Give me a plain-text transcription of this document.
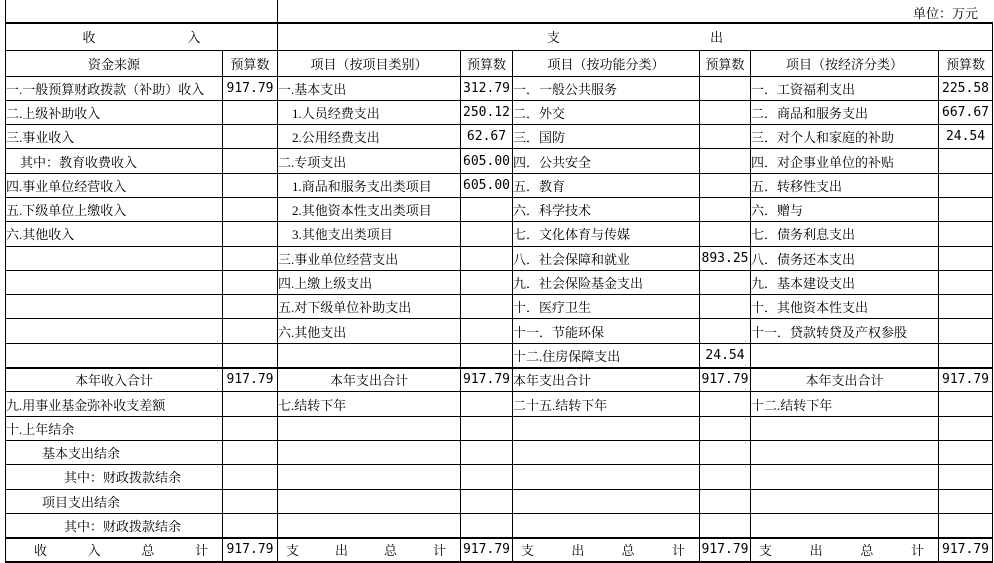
单位：万元
收 入		支 出					

资金来源	预算数	项目（按项目类别）	预算数	项目（按功能分类）	预算数	项目（按经济分类）	预算数
一.一般预算财政拨款（补助）收入	917.79	一.基本支出	312.79	一．一般公共服务		一．工资福利支出	225.58
二.上级补助收入		1.人员经费支出	250.12	二．外交		二．商品和服务支出	667.67
三.事业收入		2.公用经费支出	62.67	三．国防		三．对个人和家庭的补助	24.54
其中：教育收费收入		二.专项支出	605.00	四．公共安全		四．对企事业单位的补贴	
四.事业单位经营收入		1.商品和服务支出类项目	605.00	五．教育		五．转移性支出	
五.下级单位上缴收入		2.其他资本性支出类项目		六．科学技术		六．赠与	
六.其他收入		3.其他支出类项目		七．文化体育与传媒		七．债务利息支出	
		三.事业单位经营支出		八．社会保障和就业	893.25	八．债务还本支出	
		四.上缴上级支出		九．社会保险基金支出		九．基本建设支出	
		五.对下级单位补助支出		十．医疗卫生		十．其他资本性支出	
		六.其他支出		十一．节能环保		十一．贷款转贷及产权参股	
				十二.住房保障支出	24.54		
本年收入合计	917.79	本年支出合计	917.79	本年支出合计	917.79	本年支出合计	917.79
九.用事业基金弥补收支差额		七.结转下年		二十五.结转下年		十二.结转下年	
十.上年结余							
基本支出结余							
其中：财政拨款结余							
项目支出结余							
其中：财政拨款结余							

收 入 总 计	917.79	支 出 总 计	917.79	支 出 总 计	917.79	支 出 总 计	917.79
